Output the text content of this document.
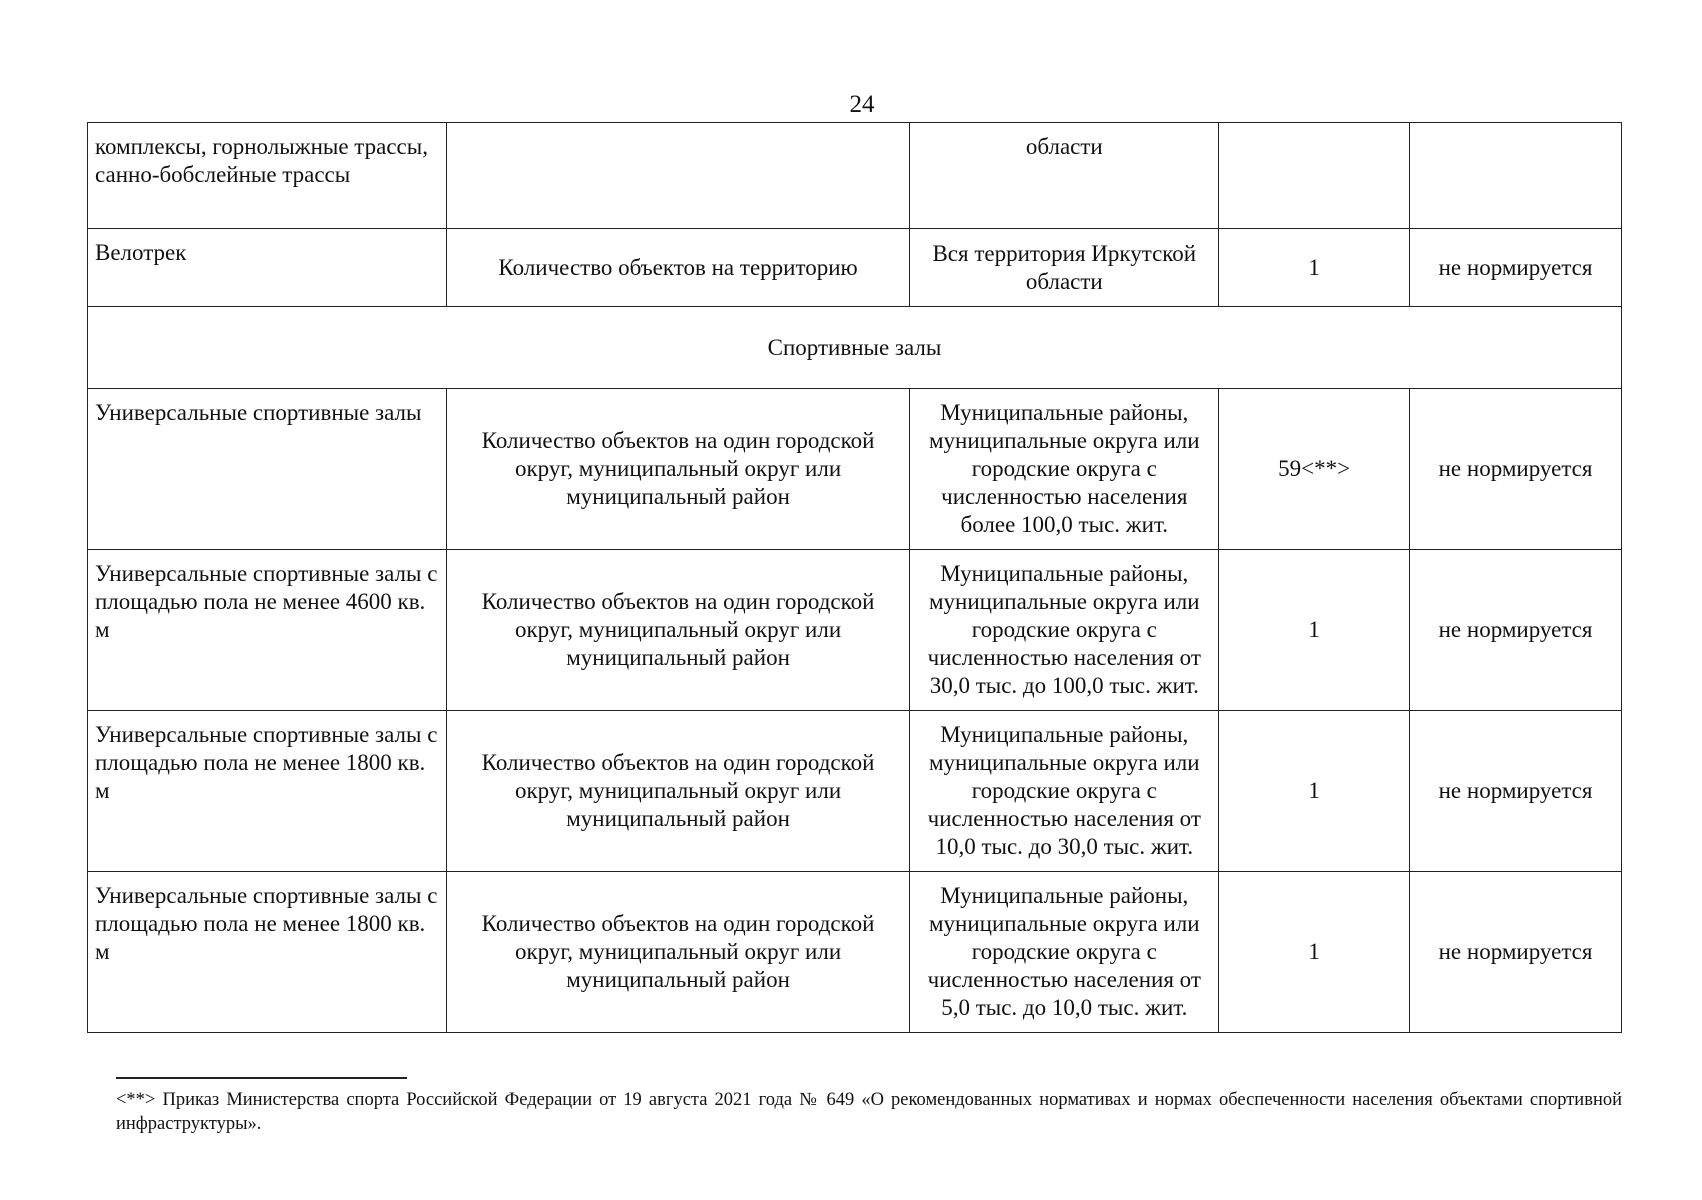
24
комплексы, горнолыжные трассы, санно-бобслейные трассы		области		
Велотрек	Количество объектов на территорию	Вся территория Иркутской области	1	не нормируется
Спортивные залы				
Универсальные спортивные залы	Количество объектов на один городской округ, муниципальный округ или муниципальный район	Муниципальные районы, муниципальные округа или городские округа с численностью населения более 100,0 тыс. жит.	59<**>	не нормируется
Универсальные спортивные залы с площадью пола не менее 4600 кв. м	Количество объектов на один городской округ, муниципальный округ или муниципальный район	Муниципальные районы, муниципальные округа или городские округа с численностью населения от 30,0 тыс. до 100,0 тыс. жит.	1	не нормируется
Универсальные спортивные залы с площадью пола не менее 1800 кв. м	Количество объектов на один городской округ, муниципальный округ или муниципальный район	Муниципальные районы, муниципальные округа или городские округа с численностью населения от 10,0 тыс. до 30,0 тыс. жит.	1	не нормируется
Универсальные спортивные залы с площадью пола не менее 1800 кв. м	Количество объектов на один городской округ, муниципальный округ или муниципальный район	Муниципальные районы, муниципальные округа или городские округа с численностью населения от 5,0 тыс. до 10,0 тыс. жит.	1	не нормируется
<**> Приказ Министерства спорта Российской Федерации от 19 августа 2021 года № 649 «О рекомендованных нормативах и нормах обеспеченности населения объектами спортивной инфраструктуры».
